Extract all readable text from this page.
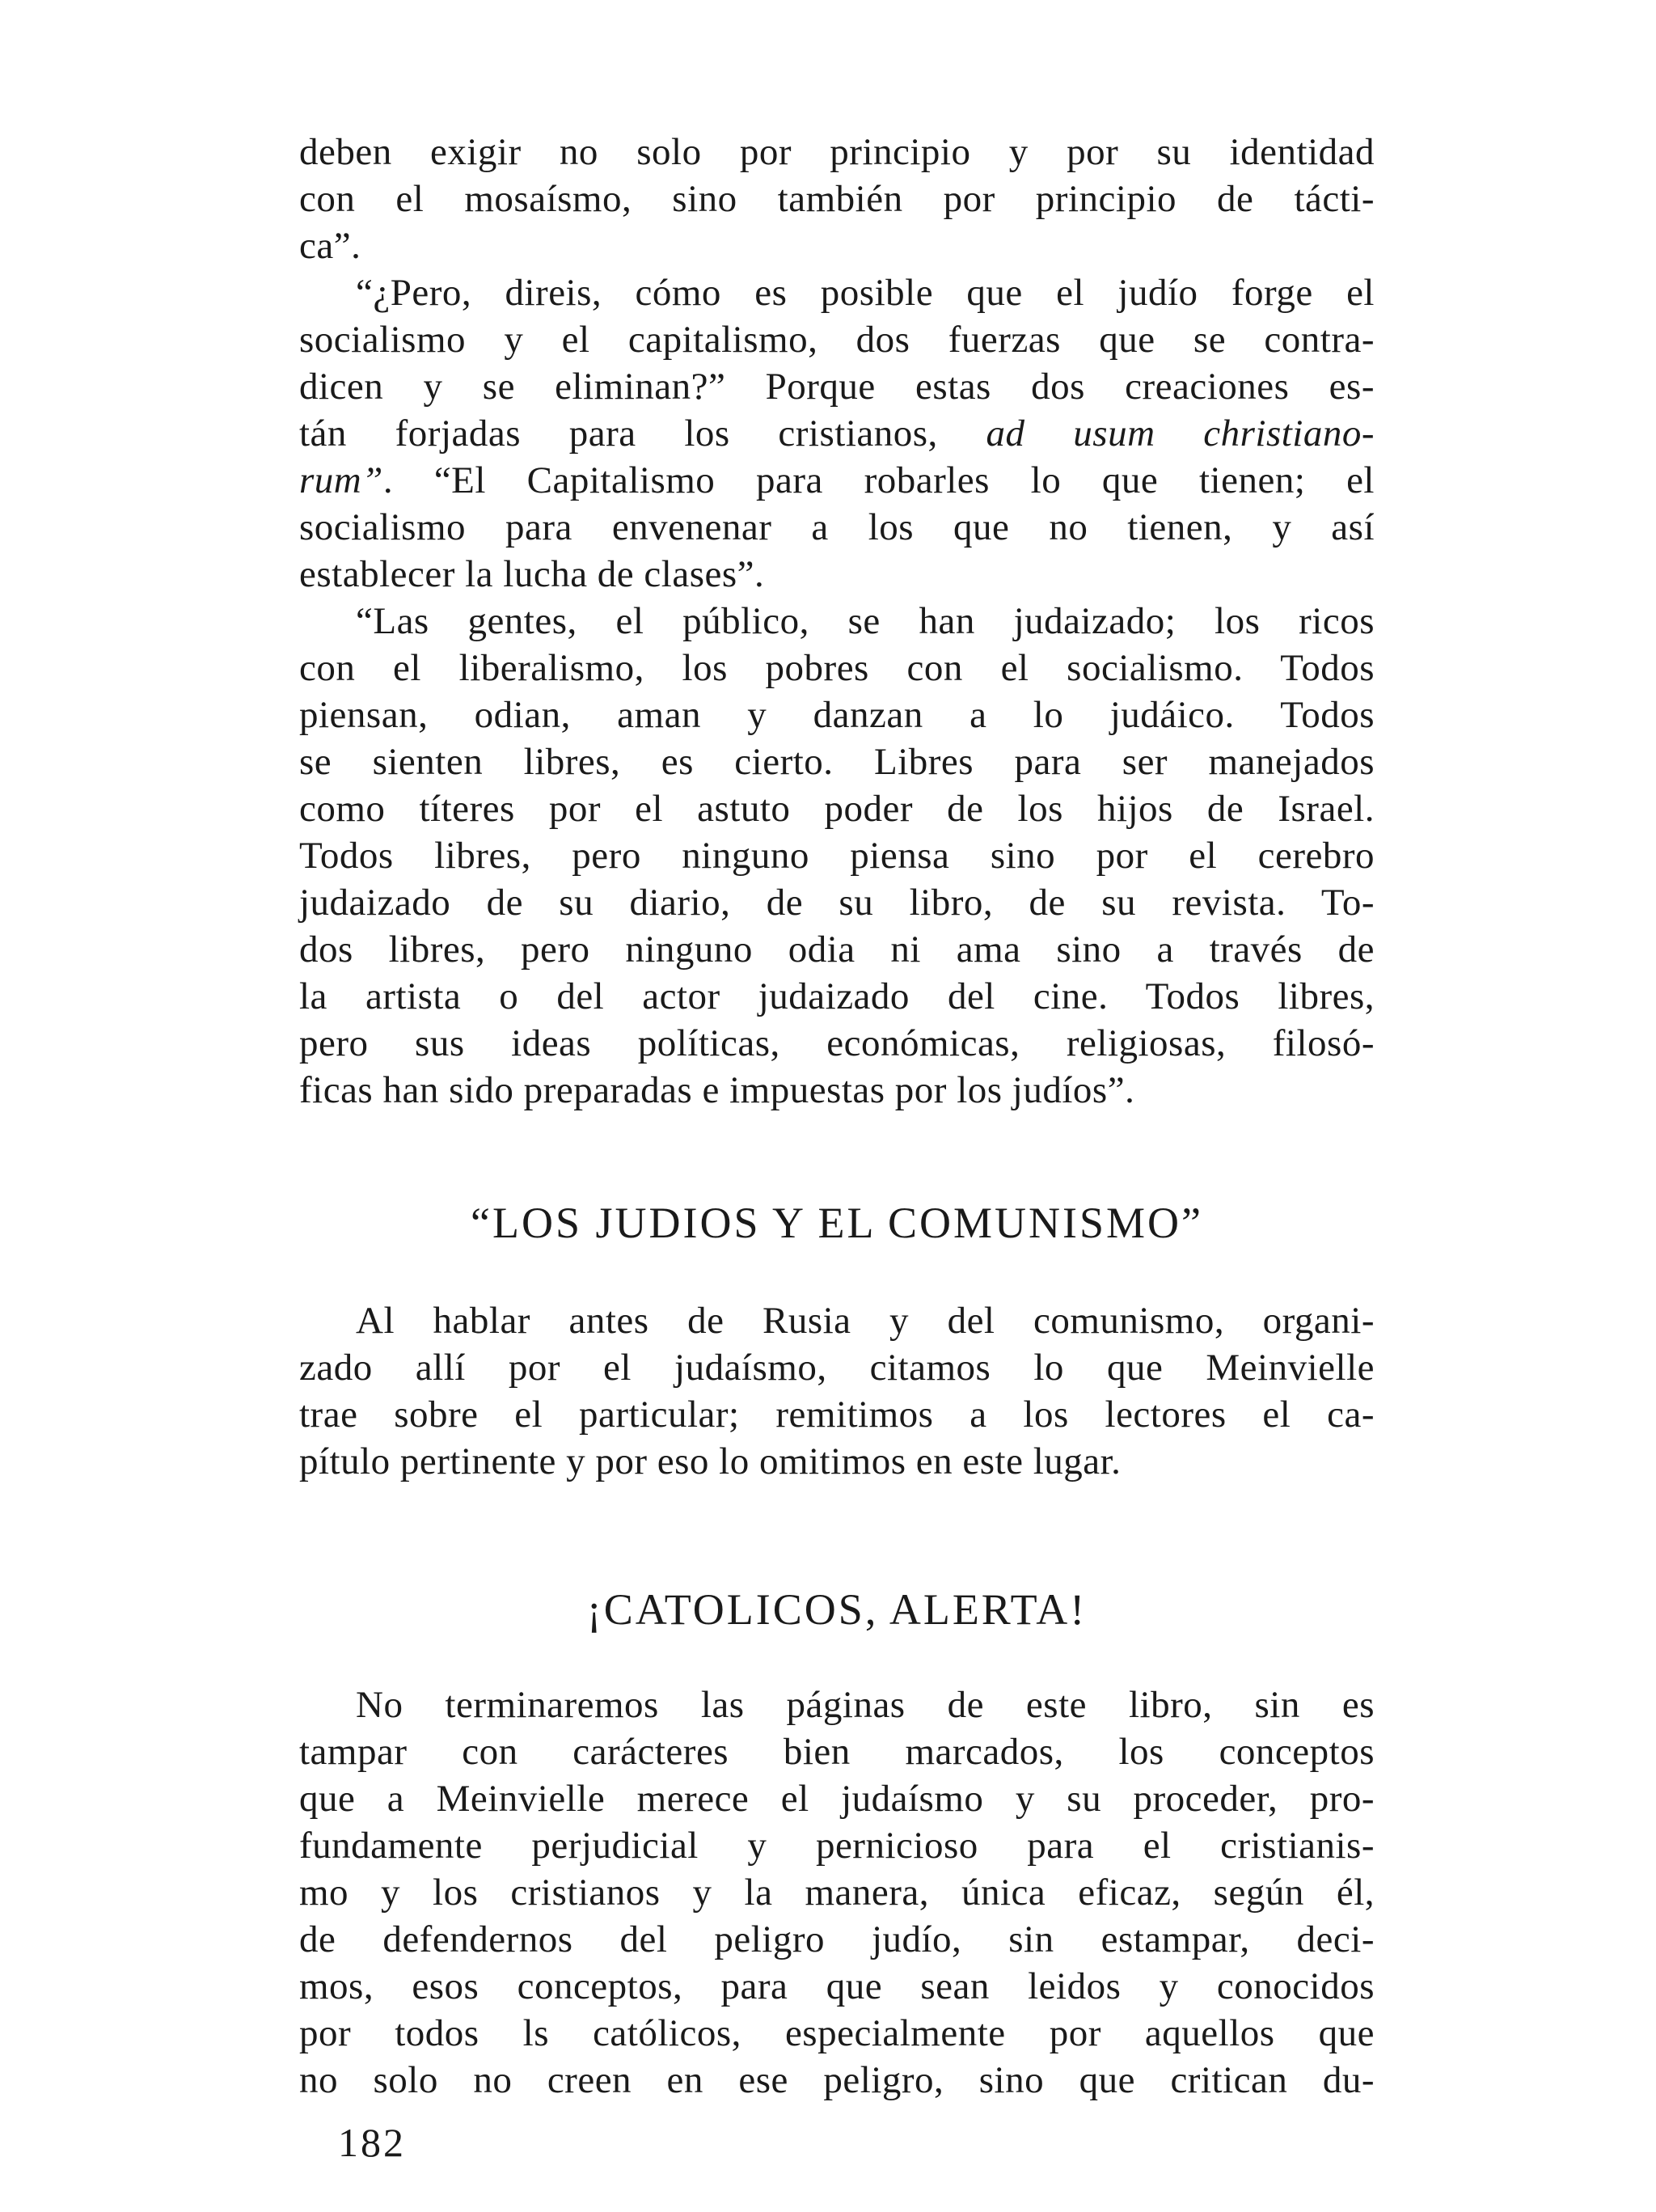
deben exigir no solo por principio y por su identidad
con el mosaísmo, sino también por principio de tácti-
ca”.
“¿Pero, direis, cómo es posible que el judío forge el
socialismo y el capitalismo, dos fuerzas que se contra-
dicen y se eliminan?” Porque estas dos creaciones es-
tán forjadas para los cristianos, ad usum christiano-
rum”. “El Capitalismo para robarles lo que tienen; el
socialismo para envenenar a los que no tienen, y así
establecer la lucha de clases”.
“Las gentes, el público, se han judaizado; los ricos
con el liberalismo, los pobres con el socialismo. Todos
piensan, odian, aman y danzan a lo judáico. Todos
se sienten libres, es cierto. Libres para ser manejados
como títeres por el astuto poder de los hijos de Israel.
Todos libres, pero ninguno piensa sino por el cerebro
judaizado de su diario, de su libro, de su revista. To-
dos libres, pero ninguno odia ni ama sino a través de
la artista o del actor judaizado del cine. Todos libres,
pero sus ideas políticas, económicas, religiosas, filosó-
ficas han sido preparadas e impuestas por los judíos”.
“LOS JUDIOS Y EL COMUNISMO”
Al hablar antes de Rusia y del comunismo, organi-
zado allí por el judaísmo, citamos lo que Meinvielle
trae sobre el particular; remitimos a los lectores el ca-
pítulo pertinente y por eso lo omitimos en este lugar.
¡CATOLICOS, ALERTA!
No terminaremos las páginas de este libro, sin es
tampar con carácteres bien marcados, los conceptos
que a Meinvielle merece el judaísmo y su proceder, pro-
fundamente perjudicial y pernicioso para el cristianis-
mo y los cristianos y la manera, única eficaz, según él,
de defendernos del peligro judío, sin estampar, deci-
mos, esos conceptos, para que sean leidos y conocidos
por todos ls católicos, especialmente por aquellos que
no solo no creen en ese peligro, sino que critican du-
182
